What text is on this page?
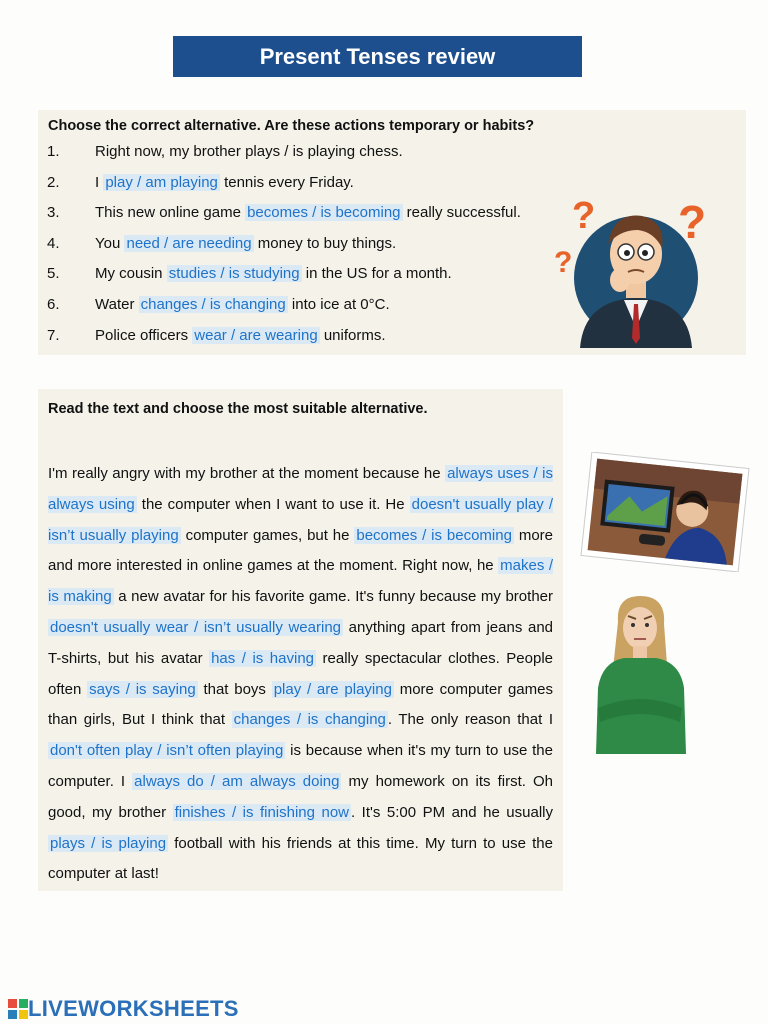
Present Tenses review
Choose the correct alternative. Are these actions temporary or habits?
1.	Right now, my brother plays / is playing chess.
2.	I play / am playing tennis every Friday.
3.	This new online game becomes / is becoming really successful.
4.	You need / are needing money to buy things.
5.	My cousin studies / is studying in the US for a month.
6.	Water changes / is changing into ice at 0°C.
7.	Police officers wear / are wearing uniforms.
? ?
?
Read the text and choose the most suitable alternative.
I'm really angry with my brother at the moment because he always uses / is always using the computer when I want to use it. He doesn't usually play / isn’t usually playing computer games, but he becomes / is becoming more and more interested in online games at the moment. Right now, he makes / is making a new avatar for his favorite game. It's funny because my brother doesn't usually wear / isn’t usually wearing anything apart from jeans and T-shirts, but his avatar has / is having really spectacular clothes. People often says / is saying that boys play / are playing more computer games than girls, But I think that changes / is changing . The only reason that I don't often play / isn’t often playing is because when it's my turn to use the computer. I always do / am always doing my homework on its first. Oh good, my brother finishes / is finishing now . It's 5:00 PM and he usually plays / is playing football with his friends at this time. My turn to use the computer at last!
LIVEWORKSHEETS
